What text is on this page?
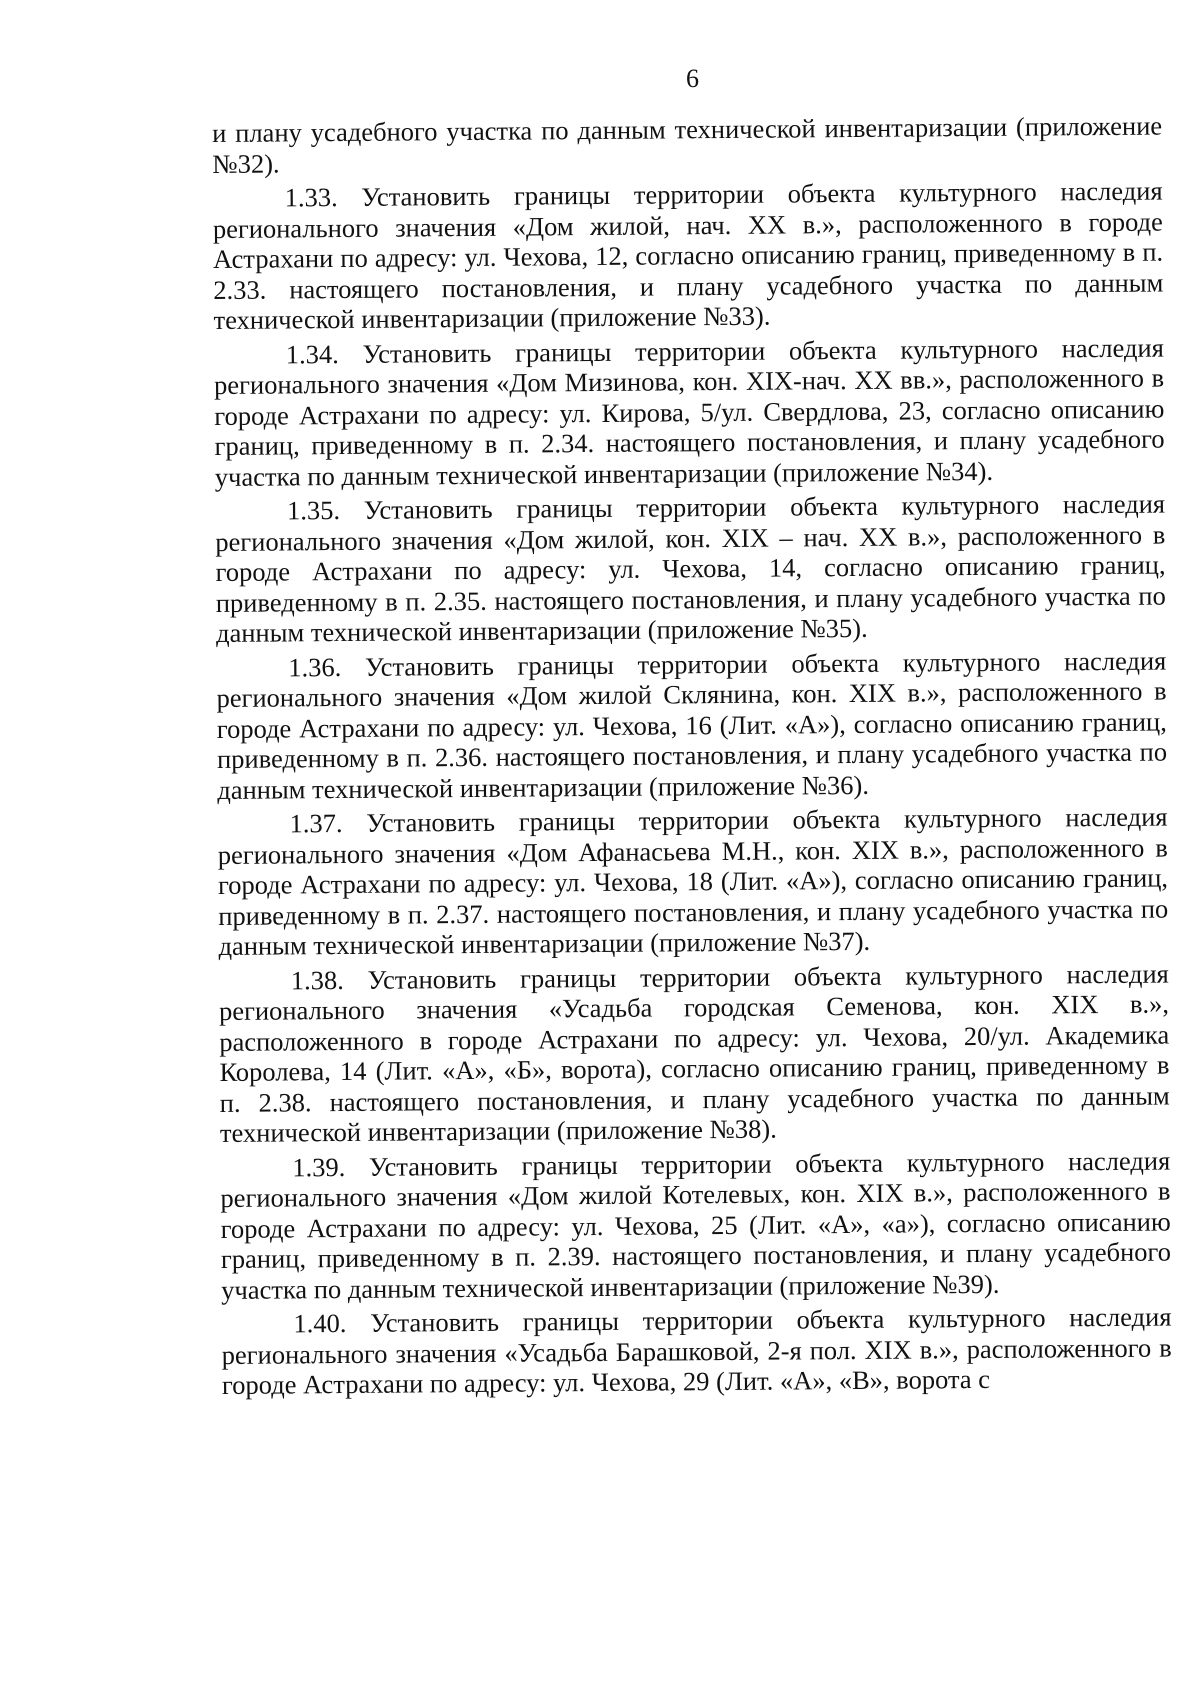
6

и плану усадебного участка по данным технической инвентаризации (приложение №32).

1.33. Установить границы территории объекта культурного наследия регионального значения «Дом жилой, нач. XX в.», расположенного в городе Астрахани по адресу: ул. Чехова, 12, согласно описанию границ, приведенному в п. 2.33. настоящего постановления, и плану усадебного участка по данным технической инвентаризации (приложение №33).

1.34. Установить границы территории объекта культурного наследия регионального значения «Дом Мизинова, кон. XIX-нач. XX вв.», расположенного в городе Астрахани по адресу: ул. Кирова, 5/ул. Свердлова, 23, согласно описанию границ, приведенному в п. 2.34. настоящего постановления, и плану усадебного участка по данным технической инвентаризации (приложение №34).

1.35. Установить границы территории объекта культурного наследия регионального значения «Дом жилой, кон. XIX – нач. XX в.», расположенного в городе Астрахани по адресу: ул. Чехова, 14, согласно описанию границ, приведенному в п. 2.35. настоящего постановления, и плану усадебного участка по данным технической инвентаризации (приложение №35).

1.36. Установить границы территории объекта культурного наследия регионального значения «Дом жилой Склянина, кон. XIX в.», расположенного в городе Астрахани по адресу: ул. Чехова, 16 (Лит. «А»), согласно описанию границ, приведенному в п. 2.36. настоящего постановления, и плану усадебного участка по данным технической инвентаризации (приложение №36).

1.37. Установить границы территории объекта культурного наследия регионального значения «Дом Афанасьева М.Н., кон. XIX в.», расположенного в городе Астрахани по адресу: ул. Чехова, 18 (Лит. «А»), согласно описанию границ, приведенному в п. 2.37. настоящего постановления, и плану усадебного участка по данным технической инвентаризации (приложение №37).

1.38. Установить границы территории объекта культурного наследия регионального значения «Усадьба городская Семенова, кон. XIX в.», расположенного в городе Астрахани по адресу: ул. Чехова, 20/ул. Академика Королева, 14 (Лит. «А», «Б», ворота), согласно описанию границ, приведенному в п. 2.38. настоящего постановления, и плану усадебного участка по данным технической инвентаризации (приложение №38).

1.39. Установить границы территории объекта культурного наследия регионального значения «Дом жилой Котелевых, кон. XIX в.», расположенного в городе Астрахани по адресу: ул. Чехова, 25 (Лит. «А», «а»), согласно описанию границ, приведенному в п. 2.39. настоящего постановления, и плану усадебного участка по данным технической инвентаризации (приложение №39).

1.40. Установить границы территории объекта культурного наследия регионального значения «Усадьба Барашковой, 2-я пол. XIX в.», расположенного в городе Астрахани по адресу: ул. Чехова, 29 (Лит. «А», «В», ворота с
